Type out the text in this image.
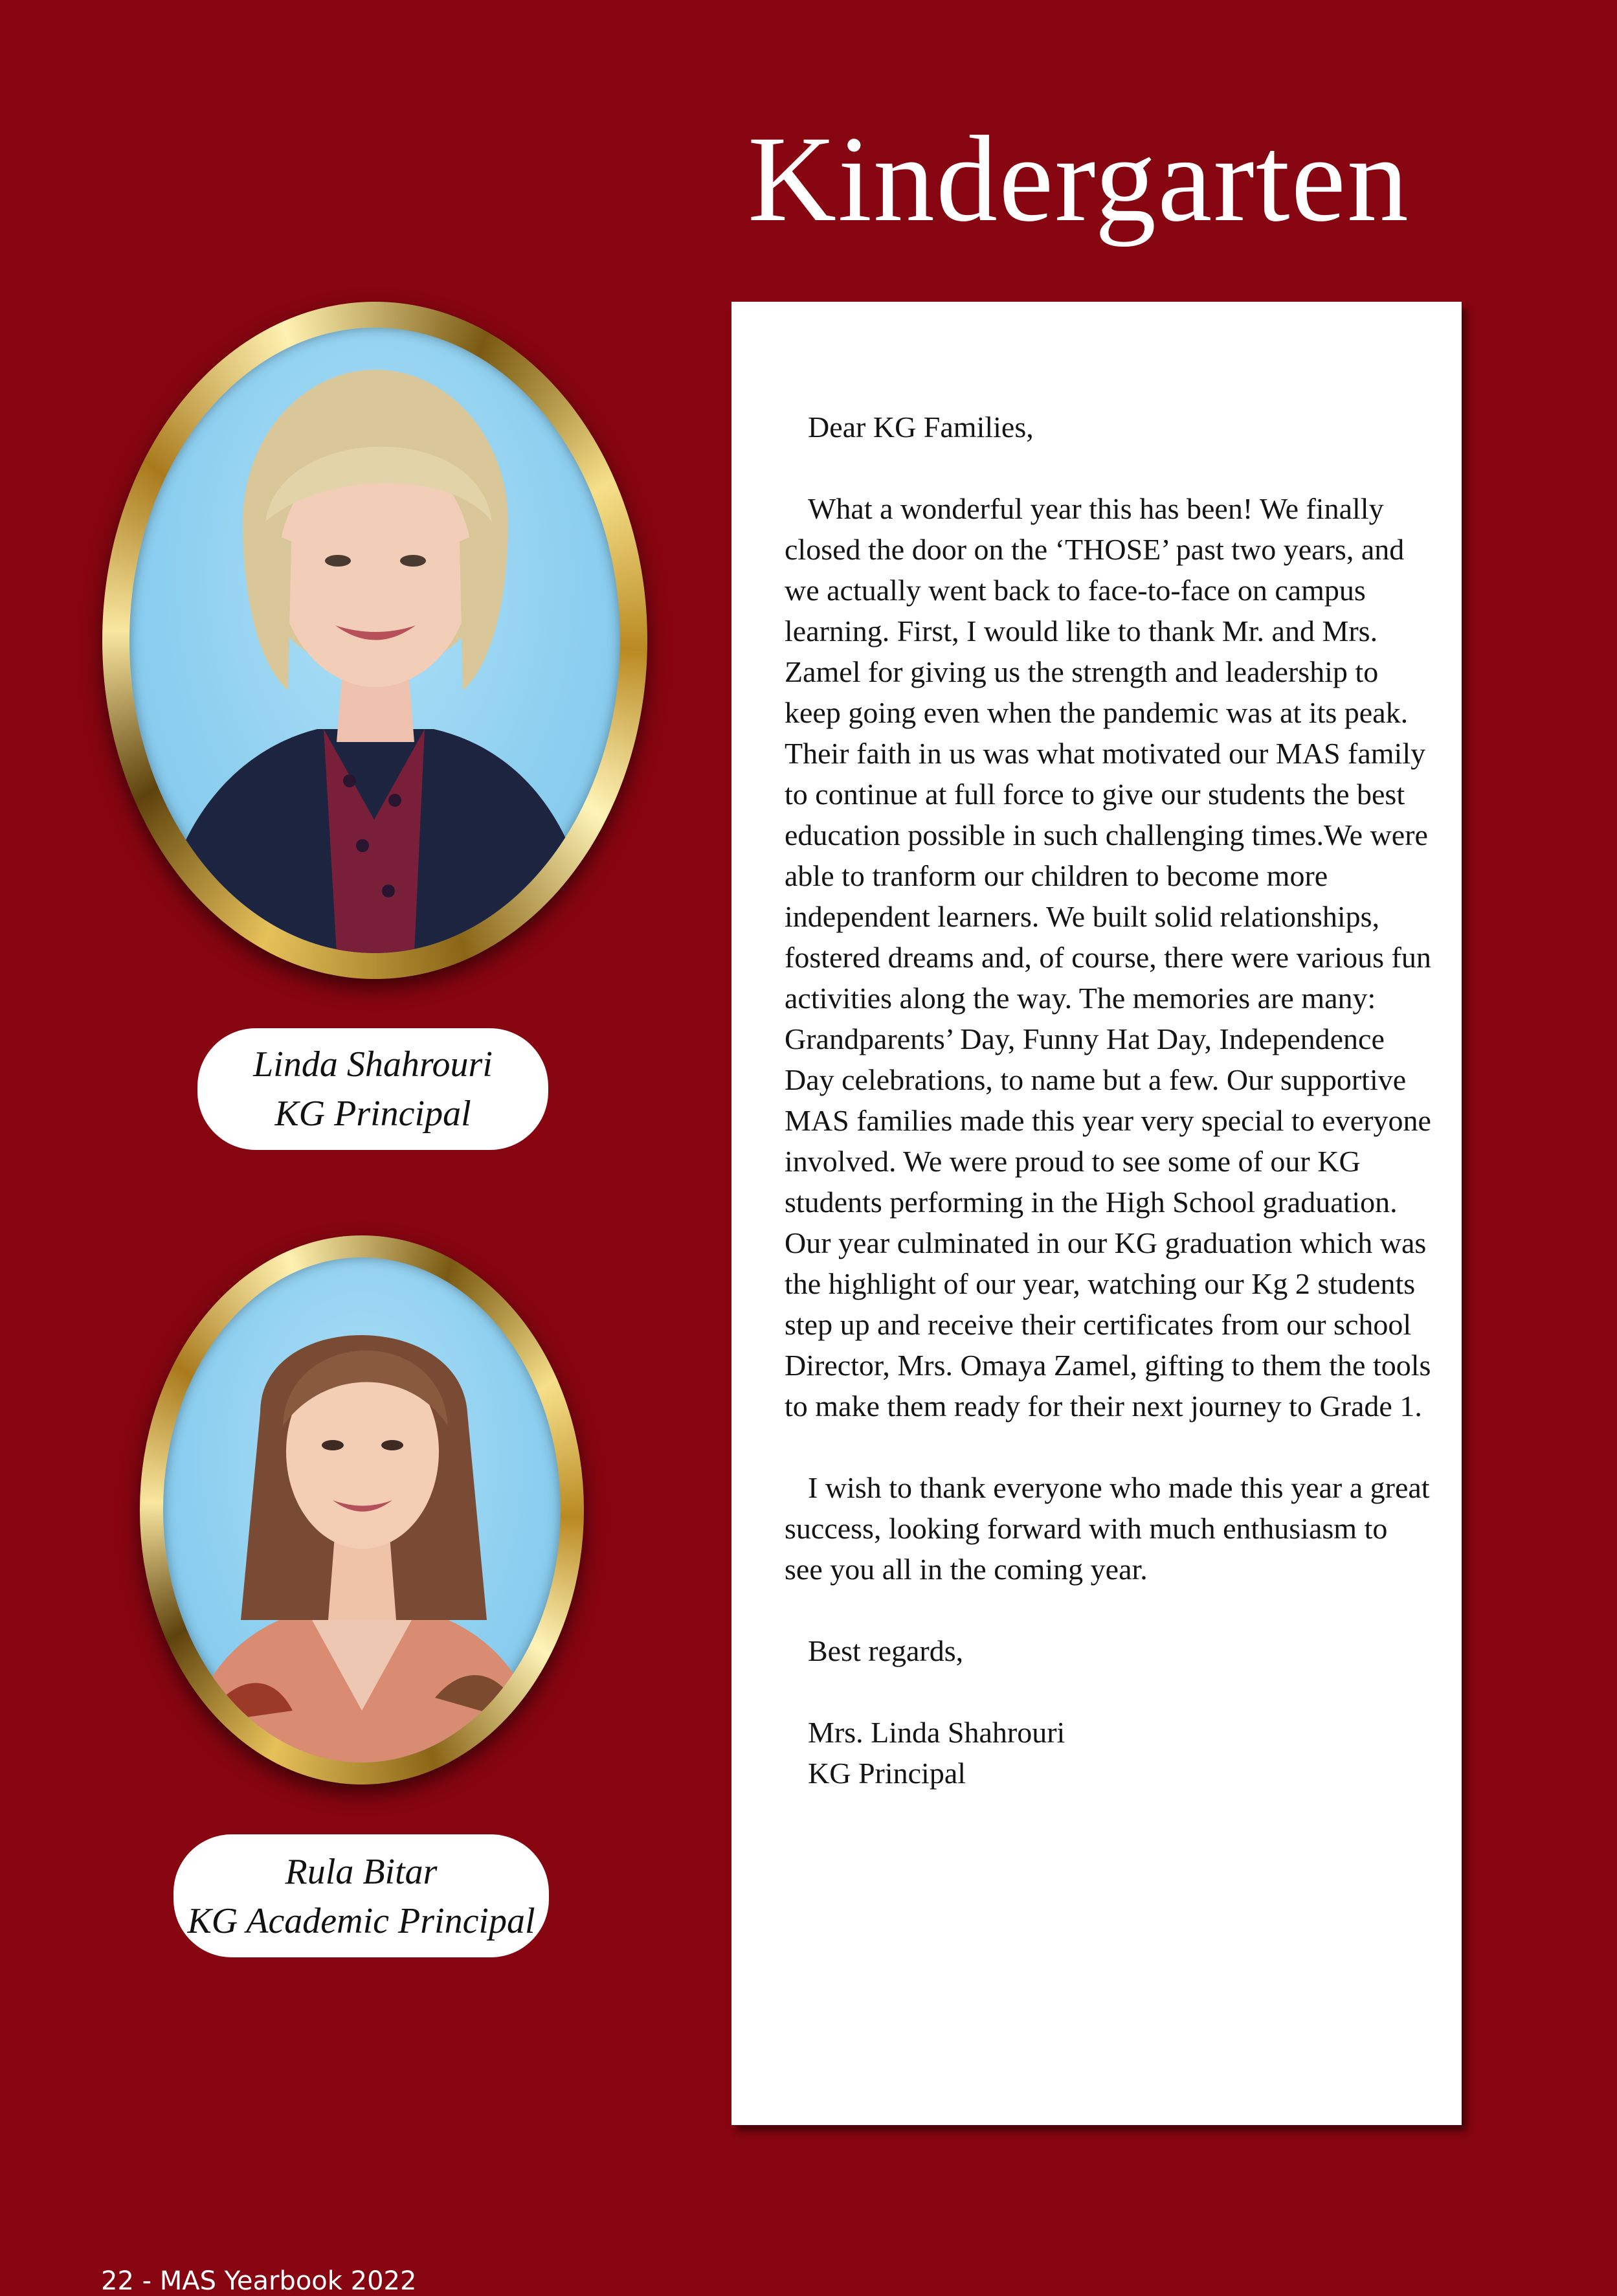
Kindergarten
Linda Shahrouri
KG Principal
Rula Bitar
KG Academic Principal

Dear KG Families,

What a wonderful year this has been! We finally closed the door on the ‘THOSE’ past two years, and we actually went back to face-to-face on campus learning. First, I would like to thank Mr. and Mrs. Zamel for giving us the strength and leadership to keep going even when the pandemic was at its peak. Their faith in us was what motivated our MAS family to continue at full force to give our students the best education possible in such challenging times.We were able to tranform our children to become more independent learners. We built solid relationships, fostered dreams and, of course, there were various fun activities along the way. The memories are many: Grandparents’ Day, Funny Hat Day, Independence Day celebrations, to name but a few. Our supportive MAS families made this year very special to everyone involved. We were proud to see some of our KG students performing in the High School graduation. Our year culminated in our KG graduation which was the highlight of our year, watching our Kg 2 students step up and receive their certificates from our school Director, Mrs. Omaya Zamel, gifting to them the tools to make them ready for their next journey to Grade 1.

I wish to thank everyone who made this year a great success, looking forward with much enthusiasm to see you all in the coming year.

Best regards,

Mrs. Linda Shahrouri
KG Principal
22 - MAS Yearbook 2022
